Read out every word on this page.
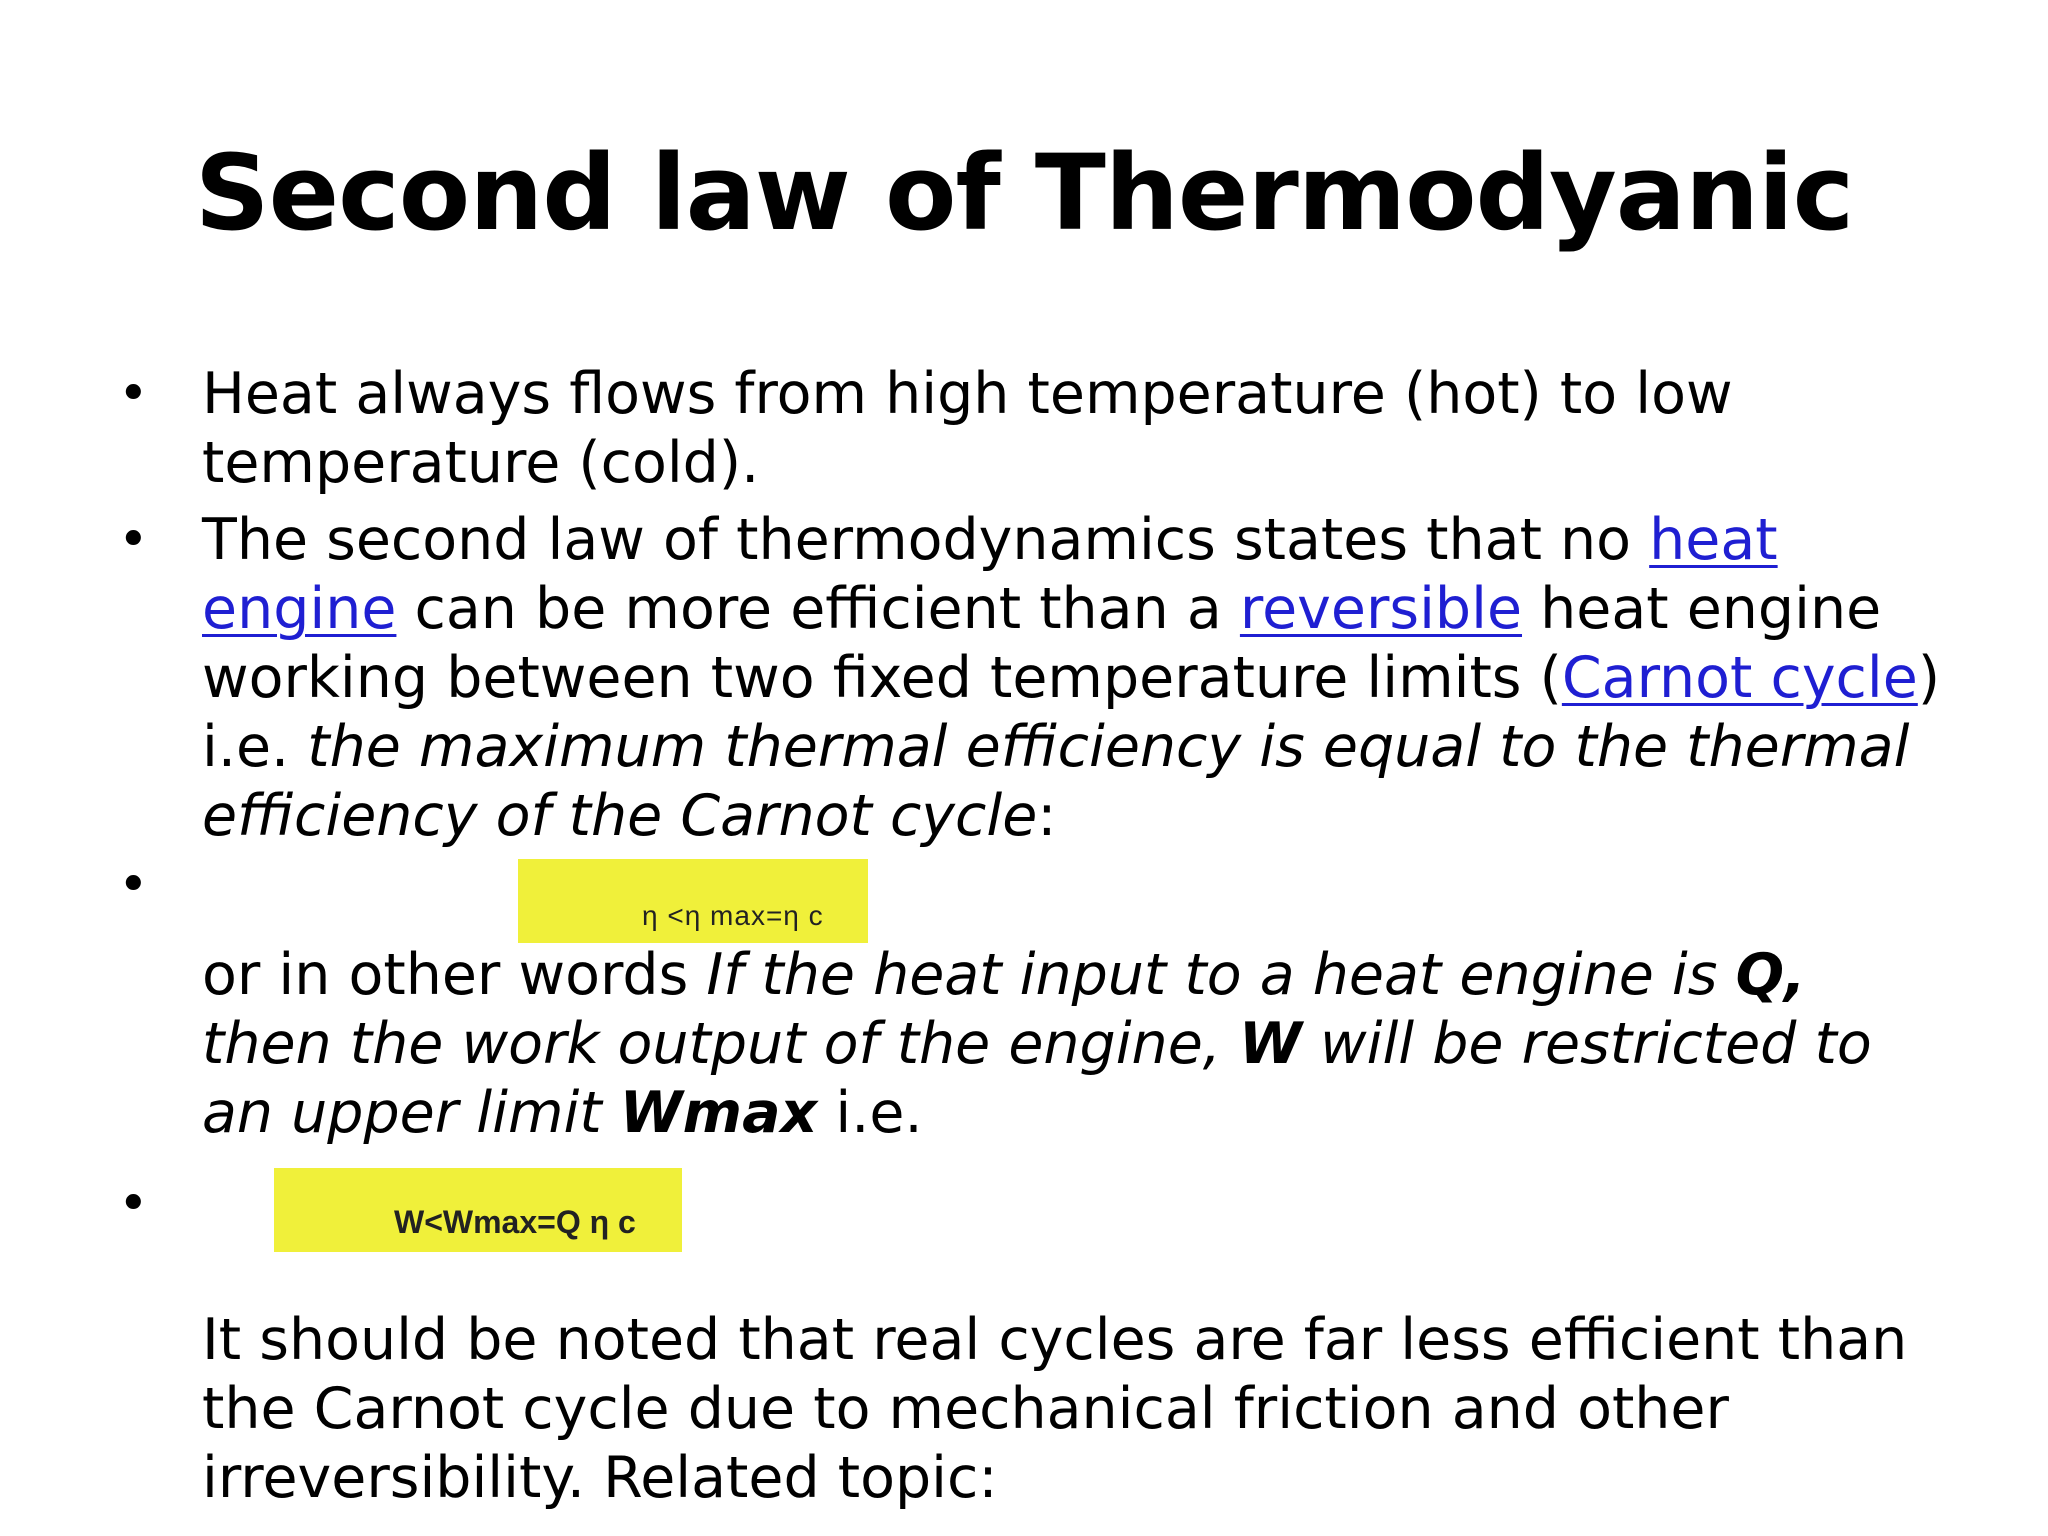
Second law of Thermodyanic
• Heat always flows from high temperature (hot) to low temperature (cold).
• The second law of thermodynamics states that no heat engine can be more efficient than a reversible heat engine working between two fixed temperature limits (Carnot cycle) i.e. the maximum thermal efficiency is equal to the thermal efficiency of the Carnot cycle:
•
η <η max=η c
or in other words If the heat input to a heat engine is Q, then the work output of the engine, W will be restricted to an upper limit Wmax i.e.
•	W<Wmax=Q η c
It should be noted that real cycles are far less efficient than the Carnot cycle due to mechanical friction and other irreversibility. Related topic:
